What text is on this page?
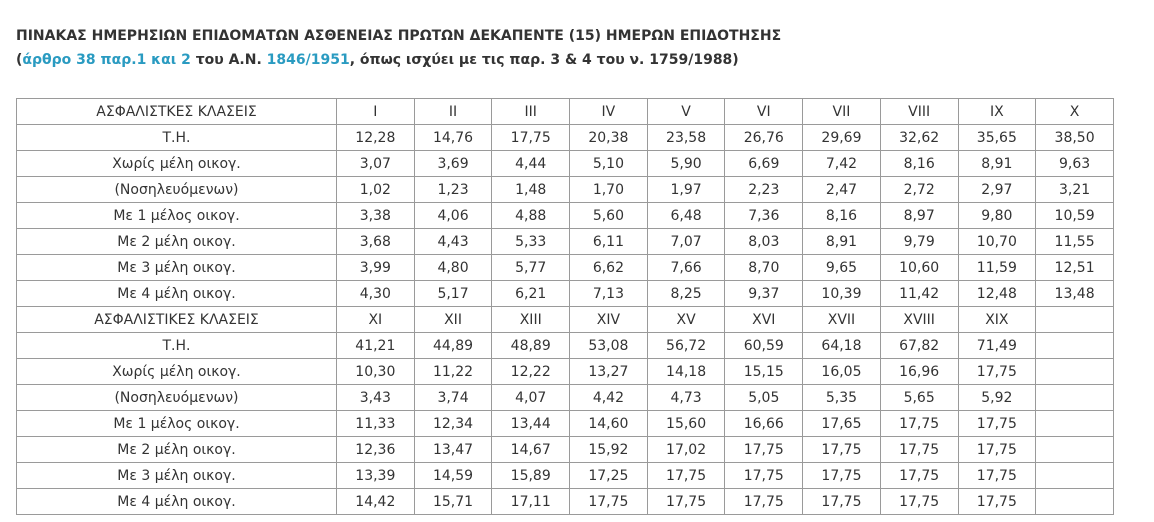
ΠΙΝΑΚΑΣ ΗΜΕΡΗΣΙΩΝ ΕΠΙΔΟΜΑΤΩΝ ΑΣΘΕΝΕΙΑΣ ΠΡΩΤΩΝ ΔΕΚΑΠΕΝΤΕ (15) ΗΜΕΡΩΝ ΕΠΙΔΟΤΗΣΗΣ
(άρθρο 38 παρ.1 και 2 του Α.Ν. 1846/1951, όπως ισχύει με τις παρ. 3 & 4 του ν. 1759/1988)
ΑΣΦΑΛΙΣΤΚΕΣ ΚΛΑΣΕΙΣ	I	II	III	IV	V	VI	VII	VIII	IX	X
Τ.Η.	12,28	14,76	17,75	20,38	23,58	26,76	29,69	32,62	35,65	38,50
Χωρίς μέλη οικογ.	3,07	3,69	4,44	5,10	5,90	6,69	7,42	8,16	8,91	9,63
(Νοσηλευόμενων)	1,02	1,23	1,48	1,70	1,97	2,23	2,47	2,72	2,97	3,21
Με 1 μέλος οικογ.	3,38	4,06	4,88	5,60	6,48	7,36	8,16	8,97	9,80	10,59
Με 2 μέλη οικογ.	3,68	4,43	5,33	6,11	7,07	8,03	8,91	9,79	10,70	11,55
Με 3 μέλη οικογ.	3,99	4,80	5,77	6,62	7,66	8,70	9,65	10,60	11,59	12,51
Με 4 μέλη οικογ.	4,30	5,17	6,21	7,13	8,25	9,37	10,39	11,42	12,48	13,48
ΑΣΦΑΛΙΣΤΙΚΕΣ ΚΛΑΣΕΙΣ	XI	XII	XIII	XIV	XV	XVI	XVII	XVIII	XIX	
Τ.Η.	41,21	44,89	48,89	53,08	56,72	60,59	64,18	67,82	71,49	
Χωρίς μέλη οικογ.	10,30	11,22	12,22	13,27	14,18	15,15	16,05	16,96	17,75	
(Νοσηλευόμενων)	3,43	3,74	4,07	4,42	4,73	5,05	5,35	5,65	5,92	
Με 1 μέλος οικογ.	11,33	12,34	13,44	14,60	15,60	16,66	17,65	17,75	17,75	
Με 2 μέλη οικογ.	12,36	13,47	14,67	15,92	17,02	17,75	17,75	17,75	17,75	
Με 3 μέλη οικογ.	13,39	14,59	15,89	17,25	17,75	17,75	17,75	17,75	17,75	
Με 4 μέλη οικογ.	14,42	15,71	17,11	17,75	17,75	17,75	17,75	17,75	17,75	
